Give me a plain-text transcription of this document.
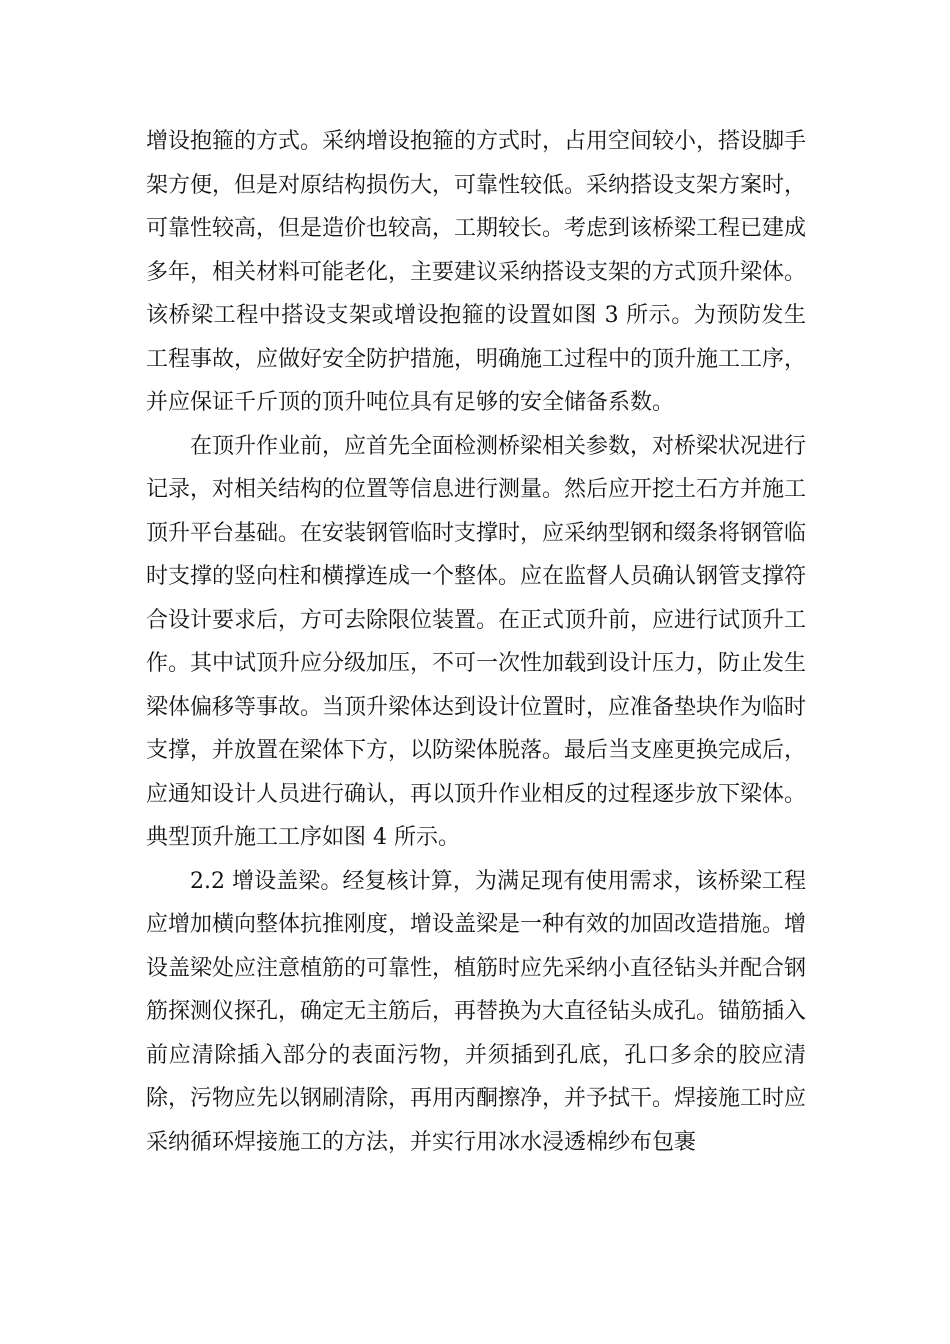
增设抱箍的方式。采纳增设抱箍的方式时，占用空间较小，搭设脚手架方便，但是对原结构损伤大，可靠性较低。采纳搭设支架方案时，可靠性较高，但是造价也较高，工期较长。考虑到该桥梁工程已建成多年，相关材料可能老化，主要建议采纳搭设支架的方式顶升梁体。该桥梁工程中搭设支架或增设抱箍的设置如图 3 所示。为预防发生工程事故，应做好安全防护措施，明确施工过程中的顶升施工工序，并应保证千斤顶的顶升吨位具有足够的安全储备系数。

在顶升作业前，应首先全面检测桥梁相关参数，对桥梁状况进行记录，对相关结构的位置等信息进行测量。然后应开挖土石方并施工顶升平台基础。在安装钢管临时支撑时，应采纳型钢和缀条将钢管临时支撑的竖向柱和横撑连成一个整体。应在监督人员确认钢管支撑符合设计要求后，方可去除限位装置。在正式顶升前，应进行试顶升工作。其中试顶升应分级加压，不可一次性加载到设计压力，防止发生梁体偏移等事故。当顶升梁体达到设计位置时，应准备垫块作为临时支撑，并放置在梁体下方，以防梁体脱落。最后当支座更换完成后，应通知设计人员进行确认，再以顶升作业相反的过程逐步放下梁体。典型顶升施工工序如图 4 所示。

2.2 增设盖梁。经复核计算，为满足现有使用需求，该桥梁工程应增加横向整体抗推刚度，增设盖梁是一种有效的加固改造措施。增设盖梁处应注意植筋的可靠性，植筋时应先采纳小直径钻头并配合钢筋探测仪探孔，确定无主筋后，再替换为大直径钻头成孔。锚筋插入前应清除插入部分的表面污物，并须插到孔底，孔口多余的胶应清除，污物应先以钢刷清除，再用丙酮擦净，并予拭干。焊接施工时应采纳循环焊接施工的方法，并实行用冰水浸透棉纱布包裹
